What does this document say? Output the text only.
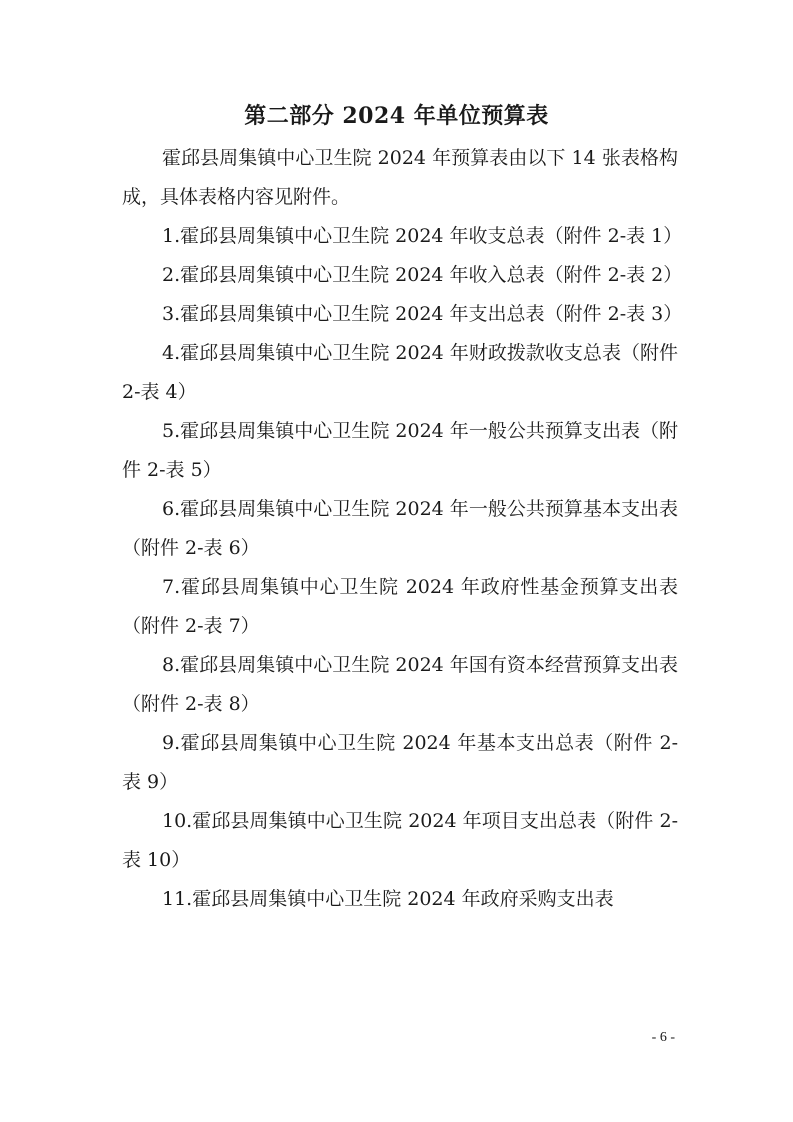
第二部分 2024 年单位预算表

霍邱县周集镇中心卫生院 2024 年预算表由以下 14 张表格构成，具体表格内容见附件。

1.霍邱县周集镇中心卫生院 2024 年收支总表（附件 2-表 1）

2.霍邱县周集镇中心卫生院 2024 年收入总表（附件 2-表 2）

3.霍邱县周集镇中心卫生院 2024 年支出总表（附件 2-表 3）

4.霍邱县周集镇中心卫生院 2024 年财政拨款收支总表（附件 2-表 4）

5.霍邱县周集镇中心卫生院 2024 年一般公共预算支出表（附件 2-表 5）

6.霍邱县周集镇中心卫生院 2024 年一般公共预算基本支出表（附件 2-表 6）

7.霍邱县周集镇中心卫生院 2024 年政府性基金预算支出表（附件 2-表 7）

8.霍邱县周集镇中心卫生院 2024 年国有资本经营预算支出表（附件 2-表 8）

9.霍邱县周集镇中心卫生院 2024 年基本支出总表（附件 2-表 9）

10.霍邱县周集镇中心卫生院 2024 年项目支出总表（附件 2-表 10）

11.霍邱县周集镇中心卫生院 2024 年政府采购支出表

- 6 -
